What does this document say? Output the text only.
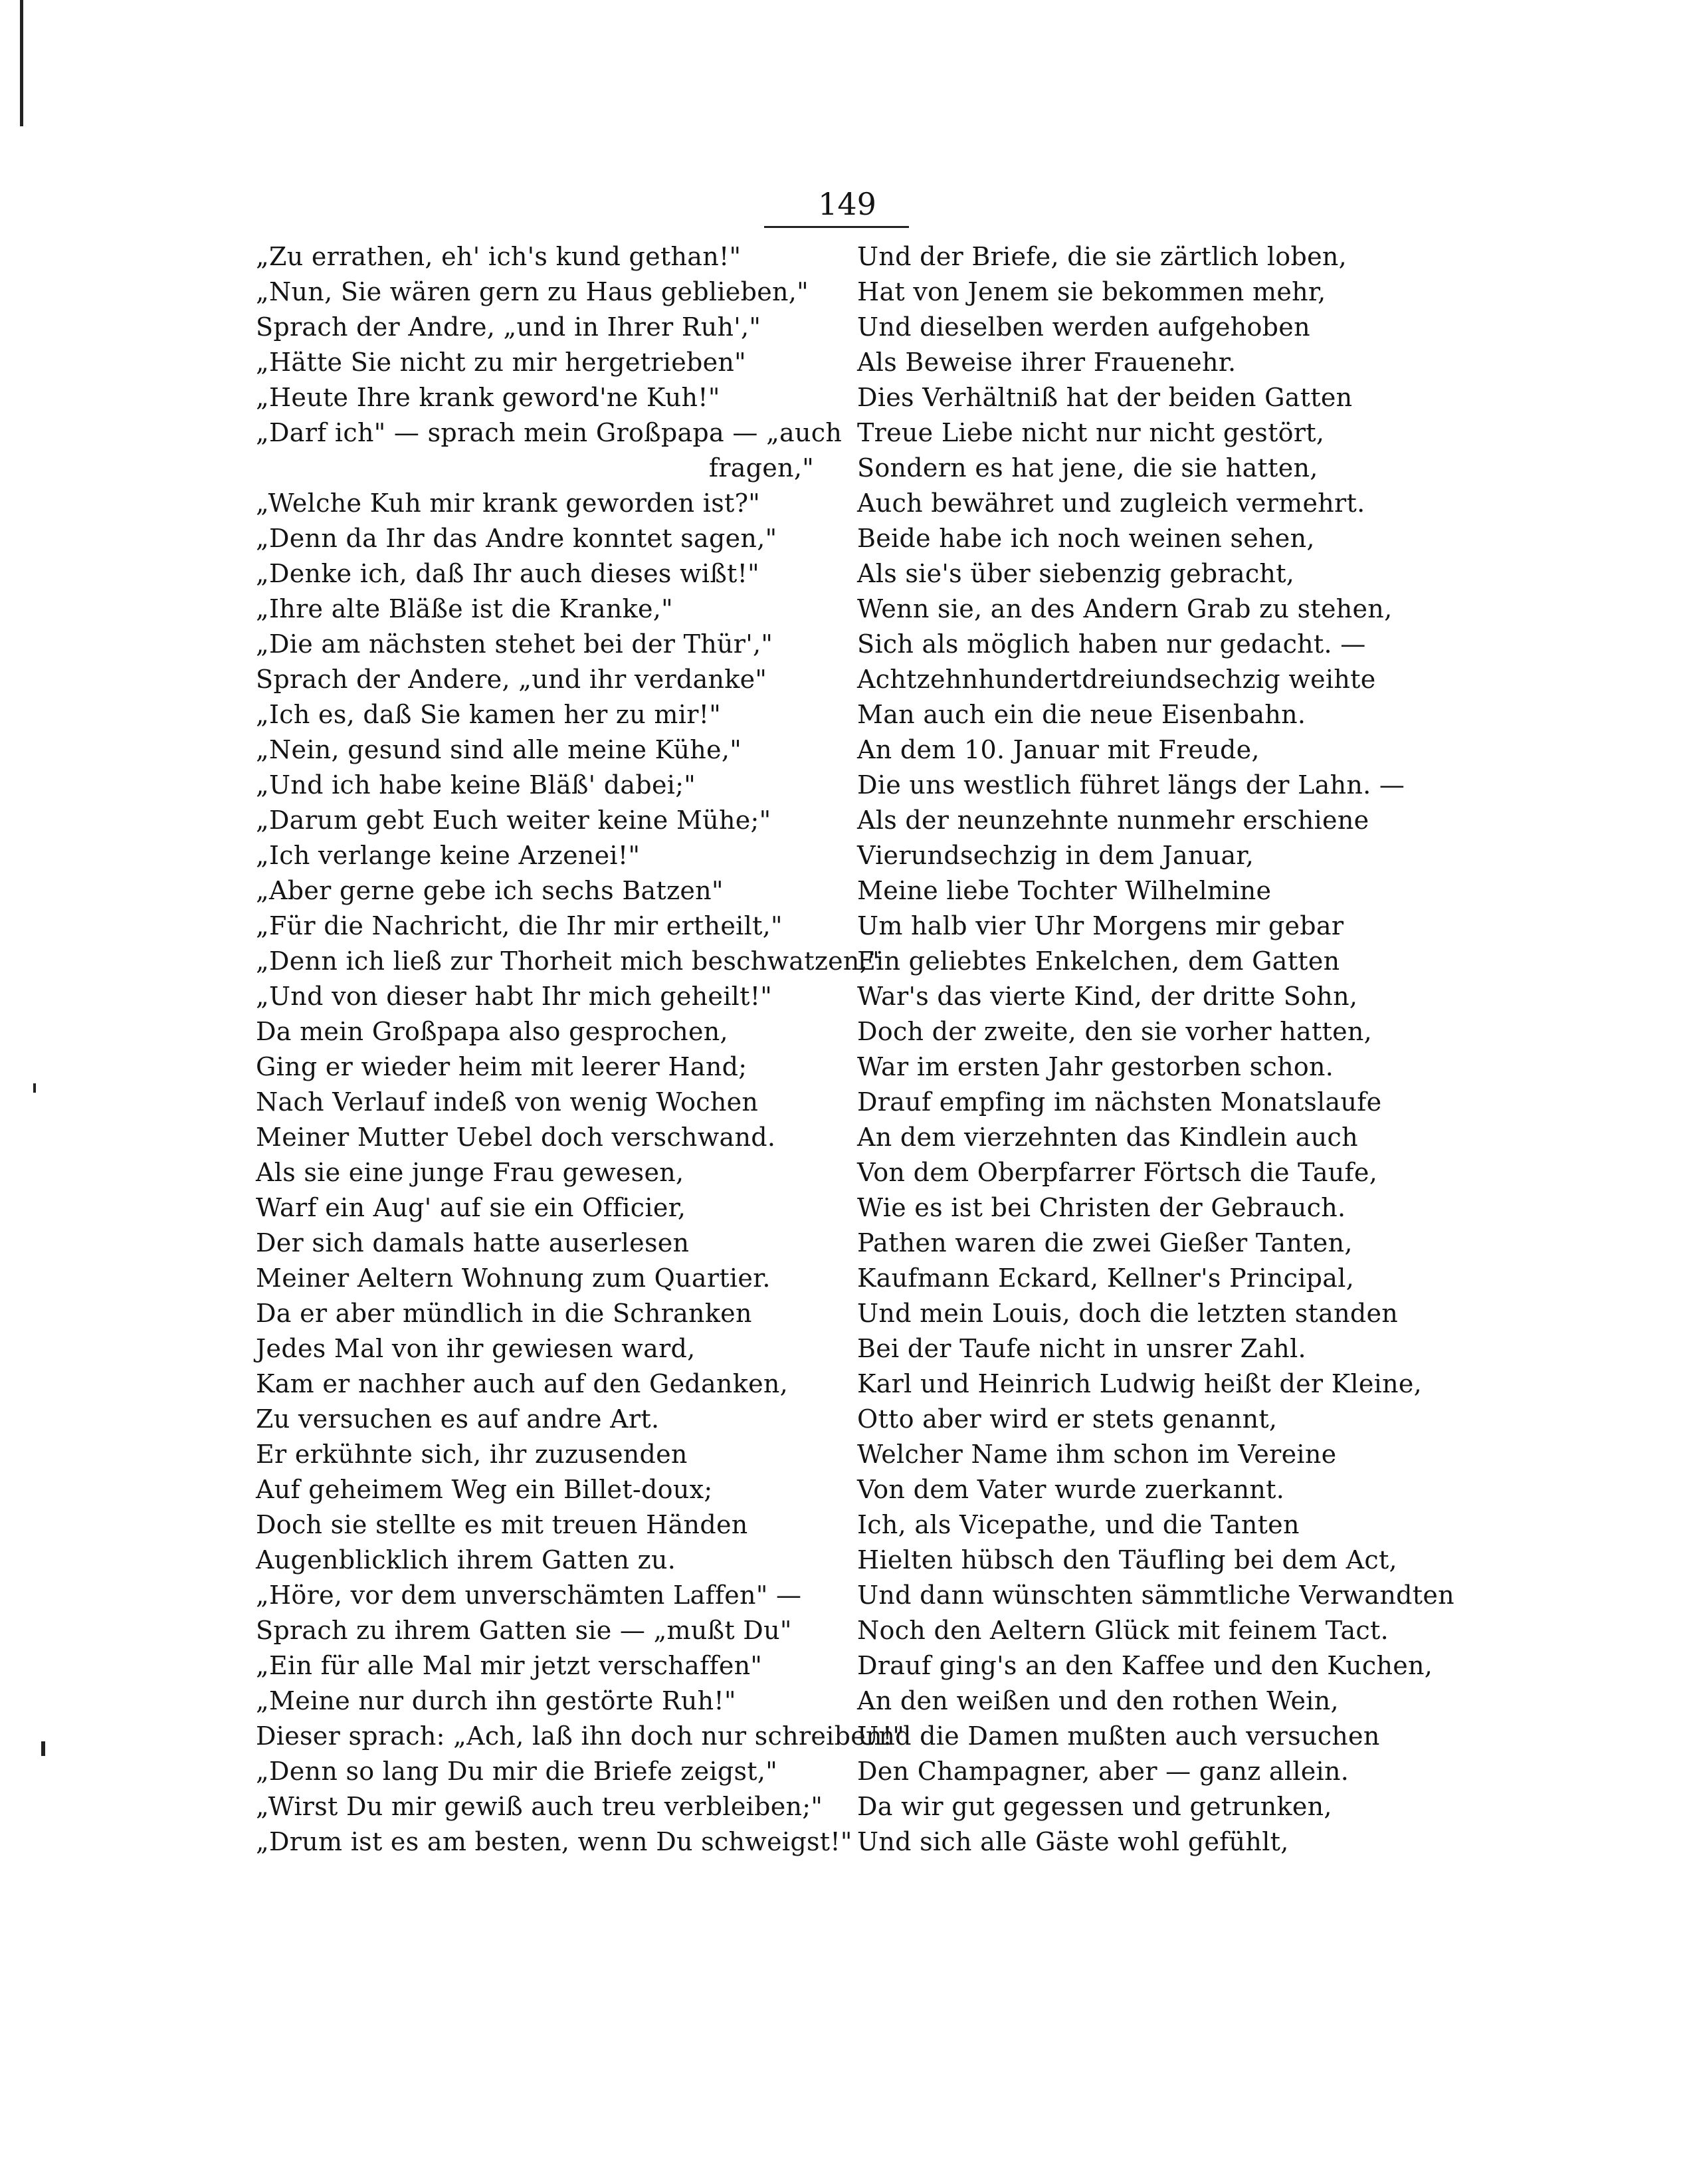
149
„Zu errathen, eh' ich's kund gethan!"
„Nun, Sie wären gern zu Haus geblieben,"
Sprach der Andre, „und in Ihrer Ruh',"
„Hätte Sie nicht zu mir hergetrieben"
„Heute Ihre krank geword'ne Kuh!"
„Darf ich" — sprach mein Großpapa — „auch
fragen,"
„Welche Kuh mir krank geworden ist?"
„Denn da Ihr das Andre konntet sagen,"
„Denke ich, daß Ihr auch dieses wißt!"
„Ihre alte Bläße ist die Kranke,"
„Die am nächsten stehet bei der Thür',"
Sprach der Andere, „und ihr verdanke"
„Ich es, daß Sie kamen her zu mir!"
„Nein, gesund sind alle meine Kühe,"
„Und ich habe keine Bläß' dabei;"
„Darum gebt Euch weiter keine Mühe;"
„Ich verlange keine Arzenei!"
„Aber gerne gebe ich sechs Batzen"
„Für die Nachricht, die Ihr mir ertheilt,"
„Denn ich ließ zur Thorheit mich beschwatzen,"
„Und von dieser habt Ihr mich geheilt!"
Da mein Großpapa also gesprochen,
Ging er wieder heim mit leerer Hand;
Nach Verlauf indeß von wenig Wochen
Meiner Mutter Uebel doch verschwand.
Als sie eine junge Frau gewesen,
Warf ein Aug' auf sie ein Officier,
Der sich damals hatte auserlesen
Meiner Aeltern Wohnung zum Quartier.
Da er aber mündlich in die Schranken
Jedes Mal von ihr gewiesen ward,
Kam er nachher auch auf den Gedanken,
Zu versuchen es auf andre Art.
Er erkühnte sich, ihr zuzusenden
Auf geheimem Weg ein Billet-doux;
Doch sie stellte es mit treuen Händen
Augenblicklich ihrem Gatten zu.
„Höre, vor dem unverschämten Laffen" —
Sprach zu ihrem Gatten sie — „mußt Du"
„Ein für alle Mal mir jetzt verschaffen"
„Meine nur durch ihn gestörte Ruh!"
Dieser sprach: „Ach, laß ihn doch nur schreiben!"
„Denn so lang Du mir die Briefe zeigst,"
„Wirst Du mir gewiß auch treu verbleiben;"
„Drum ist es am besten, wenn Du schweigst!"
Und der Briefe, die sie zärtlich loben,
Hat von Jenem sie bekommen mehr,
Und dieselben werden aufgehoben
Als Beweise ihrer Frauenehr.
Dies Verhältniß hat der beiden Gatten
Treue Liebe nicht nur nicht gestört,
Sondern es hat jene, die sie hatten,
Auch bewähret und zugleich vermehrt.
Beide habe ich noch weinen sehen,
Als sie's über siebenzig gebracht,
Wenn sie, an des Andern Grab zu stehen,
Sich als möglich haben nur gedacht. —
Achtzehnhundertdreiundsechzig weihte
Man auch ein die neue Eisenbahn.
An dem 10. Januar mit Freude,
Die uns westlich führet längs der Lahn. —
Als der neunzehnte nunmehr erschiene
Vierundsechzig in dem Januar,
Meine liebe Tochter Wilhelmine
Um halb vier Uhr Morgens mir gebar
Ein geliebtes Enkelchen, dem Gatten
War's das vierte Kind, der dritte Sohn,
Doch der zweite, den sie vorher hatten,
War im ersten Jahr gestorben schon.
Drauf empfing im nächsten Monatslaufe
An dem vierzehnten das Kindlein auch
Von dem Oberpfarrer Förtsch die Taufe,
Wie es ist bei Christen der Gebrauch.
Pathen waren die zwei Gießer Tanten,
Kaufmann Eckard, Kellner's Principal,
Und mein Louis, doch die letzten standen
Bei der Taufe nicht in unsrer Zahl.
Karl und Heinrich Ludwig heißt der Kleine,
Otto aber wird er stets genannt,
Welcher Name ihm schon im Vereine
Von dem Vater wurde zuerkannt.
Ich, als Vicepathe, und die Tanten
Hielten hübsch den Täufling bei dem Act,
Und dann wünschten sämmtliche Verwandten
Noch den Aeltern Glück mit feinem Tact.
Drauf ging's an den Kaffee und den Kuchen,
An den weißen und den rothen Wein,
Und die Damen mußten auch versuchen
Den Champagner, aber — ganz allein.
Da wir gut gegessen und getrunken,
Und sich alle Gäste wohl gefühlt,
